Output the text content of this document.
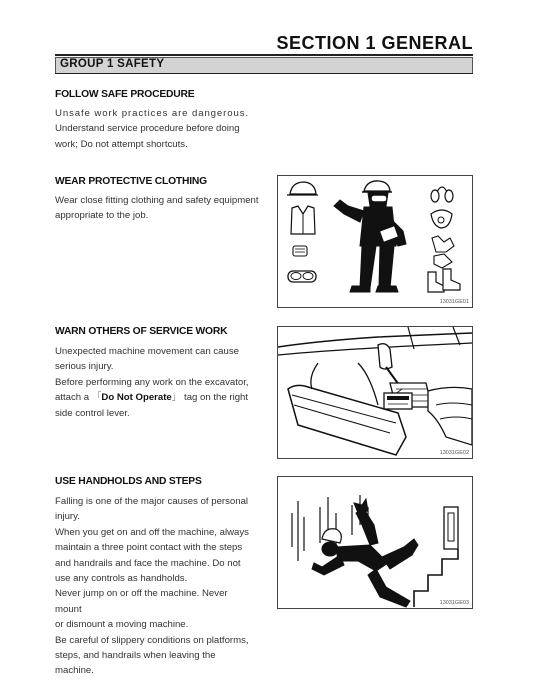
SECTION 1 GENERAL
GROUP 1 SAFETY
FOLLOW SAFE PROCEDURE

Unsafe work practices are dangerous.

Understand service procedure before doing

work; Do not attempt shortcuts.

WEAR PROTECTIVE CLOTHING

Wear close fitting clothing and safety equipment

appropriate to the job.

13031GE01
WARN OTHERS OF SERVICE WORK

Unexpected machine movement can cause

serious injury.

Before performing any work on the excavator,

attach a 「Do Not Operate」 tag on the right

side control lever.

13031GE02
USE HANDHOLDS AND STEPS

Falling is one of the major causes of personal

injury.

When you get on and off the machine, always

maintain a three point contact with the steps

and handrails and face the machine. Do not

use any controls as handholds.

Never jump on or off the machine. Never mount

or dismount a moving machine.

Be careful of slippery conditions on platforms,

steps, and handrails when leaving the machine.

13031GE03
